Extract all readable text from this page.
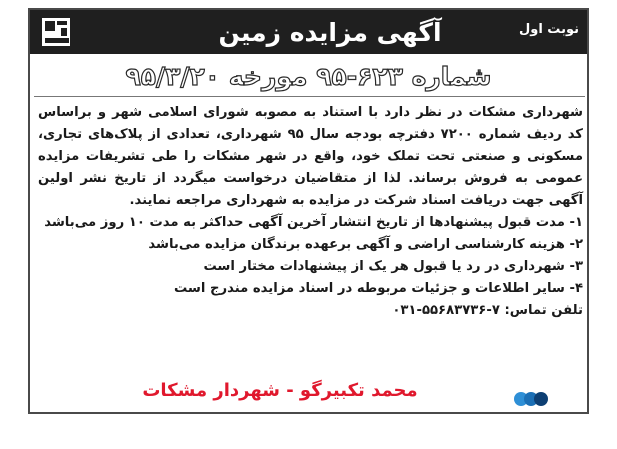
آگهی مزایده زمین	نوبت اول
شماره ۶۲۳-۹۵ مورخه ۹۵/۳/۲۰

شهرداری مشکات در نظر دارد با استناد به مصوبه شورای اسلامی شهر و براساس کد ردیف شماره ۷۲۰۰ دفترچه بودجه سال ۹۵ شهرداری، تعدادی از پلاک‌های تجاری، مسکونی و صنعتی تحت تملک خود، واقع در شهر مشکات را طی تشریفات مزایده عمومی به فروش برساند. لذا از متقاضیان درخواست میگردد از تاریخ نشر اولین آگهی جهت دریافت اسناد شرکت در مزایده به شهرداری مراجعه نمایند.

۱- مدت قبول پیشنهادها از تاریخ انتشار آخرین آگهی حداکثر به مدت ۱۰ روز می‌باشد
۲- هزینه کارشناسی اراضی و آگهی برعهده برندگان مزایده می‌باشد
۳- شهرداری در رد یا قبول هر یک از پیشنهادات مختار است
۴- سایر اطلاعات و جزئیات مربوطه در اسناد مزایده مندرج است
تلفن تماس: ۷-۵۵۶۸۳۷۳۶-۰۳۱
محمد تکبیرگو - شهردار مشکات
